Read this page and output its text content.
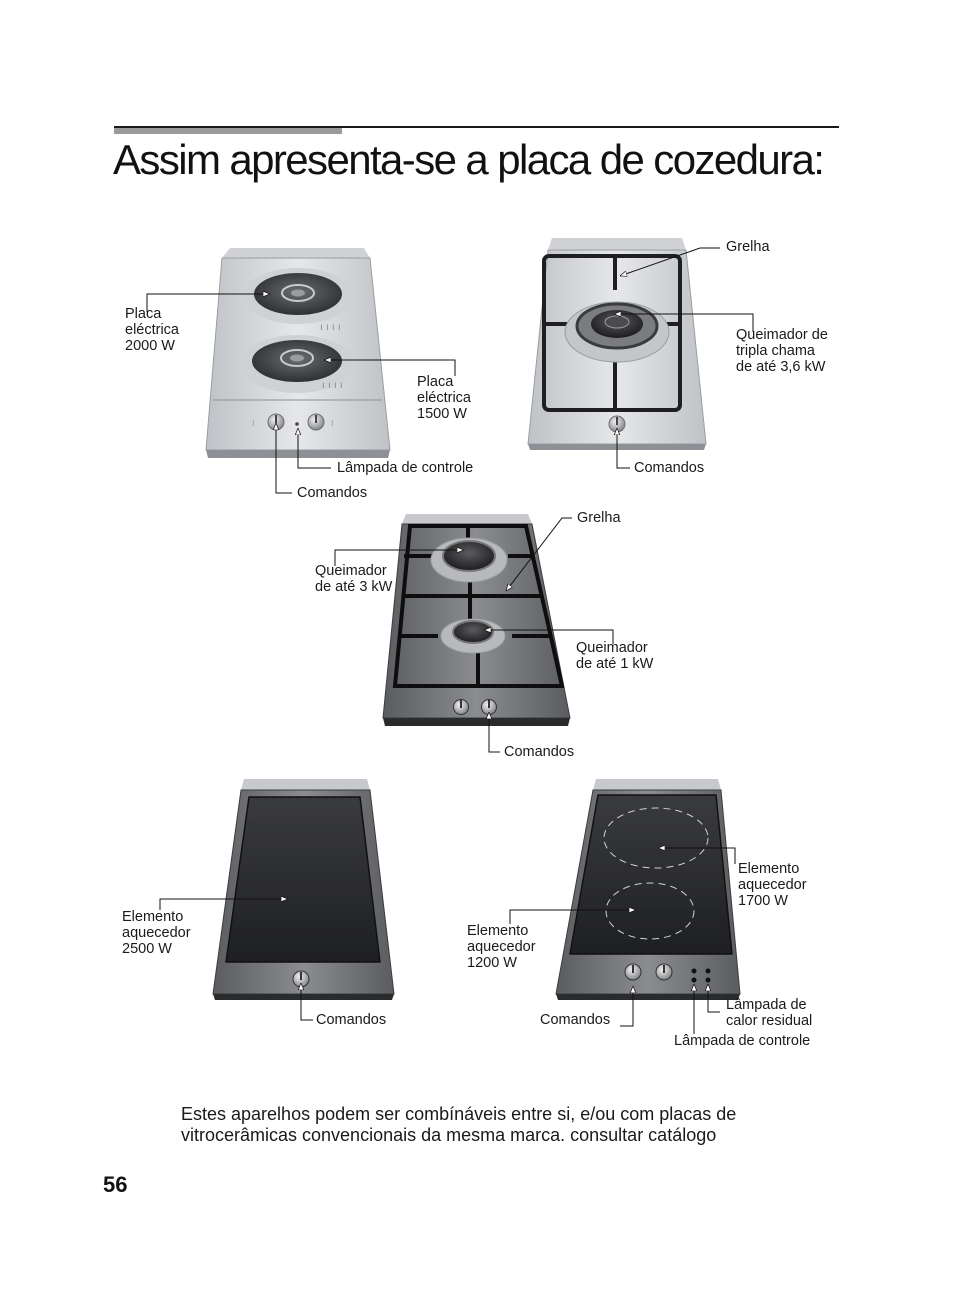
Assim apresenta-se a placa de cozedura:
ı ı ı ı
ı ı ı ı
⁝	⁝
Placa
eléctrica
2000 W
Placa
eléctrica
1500 W
Lâmpada de controle
Comandos
Grelha
Queimador de
tripla chama
de até 3,6 kW
Comandos
Grelha
Queimador
de até 3 kW
Queimador
de até 1 kW
Comandos
Elemento
aquecedor
2500 W
Comandos
Elemento
aquecedor
1700 W
Elemento
aquecedor
1200 W
Comandos
Lâmpada de
calor residual
Lâmpada de controle
Estes aparelhos podem ser combínáveis entre si, e/ou com placas de
vitrocerâmicas convencionais da mesma marca. consultar catálogo
56
